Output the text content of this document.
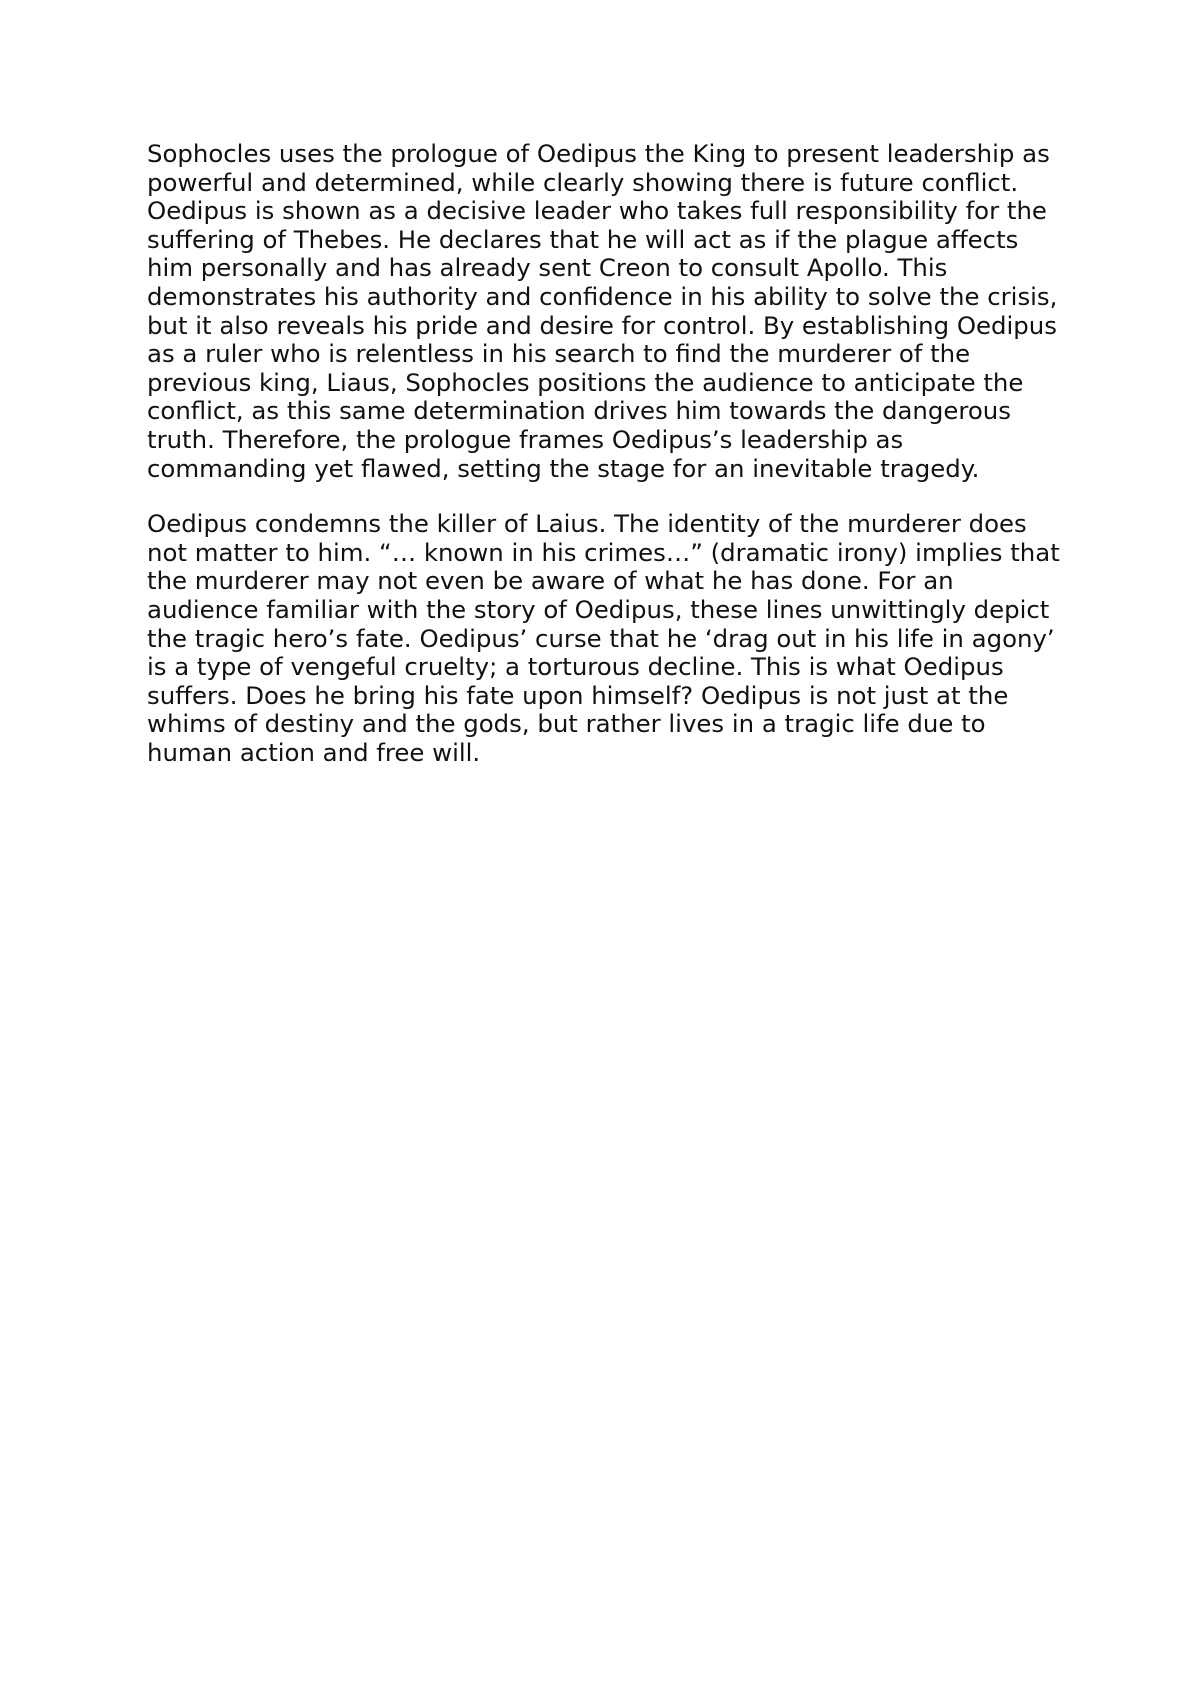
Sophocles uses the prologue of Oedipus the King to present leadership as
powerful and determined, while clearly showing there is future conflict.
Oedipus is shown as a decisive leader who takes full responsibility for the
suffering of Thebes. He declares that he will act as if the plague affects
him personally and has already sent Creon to consult Apollo. This
demonstrates his authority and confidence in his ability to solve the crisis,
but it also reveals his pride and desire for control. By establishing Oedipus
as a ruler who is relentless in his search to find the murderer of the
previous king, Liaus, Sophocles positions the audience to anticipate the
conflict, as this same determination drives him towards the dangerous
truth. Therefore, the prologue frames Oedipus’s leadership as
commanding yet flawed, setting the stage for an inevitable tragedy.

Oedipus condemns the killer of Laius. The identity of the murderer does
not matter to him. “… known in his crimes…” (dramatic irony) implies that
the murderer may not even be aware of what he has done. For an
audience familiar with the story of Oedipus, these lines unwittingly depict
the tragic hero’s fate. Oedipus’ curse that he ‘drag out in his life in agony’
is a type of vengeful cruelty; a torturous decline. This is what Oedipus
suffers. Does he bring his fate upon himself? Oedipus is not just at the
whims of destiny and the gods, but rather lives in a tragic life due to
human action and free will.
